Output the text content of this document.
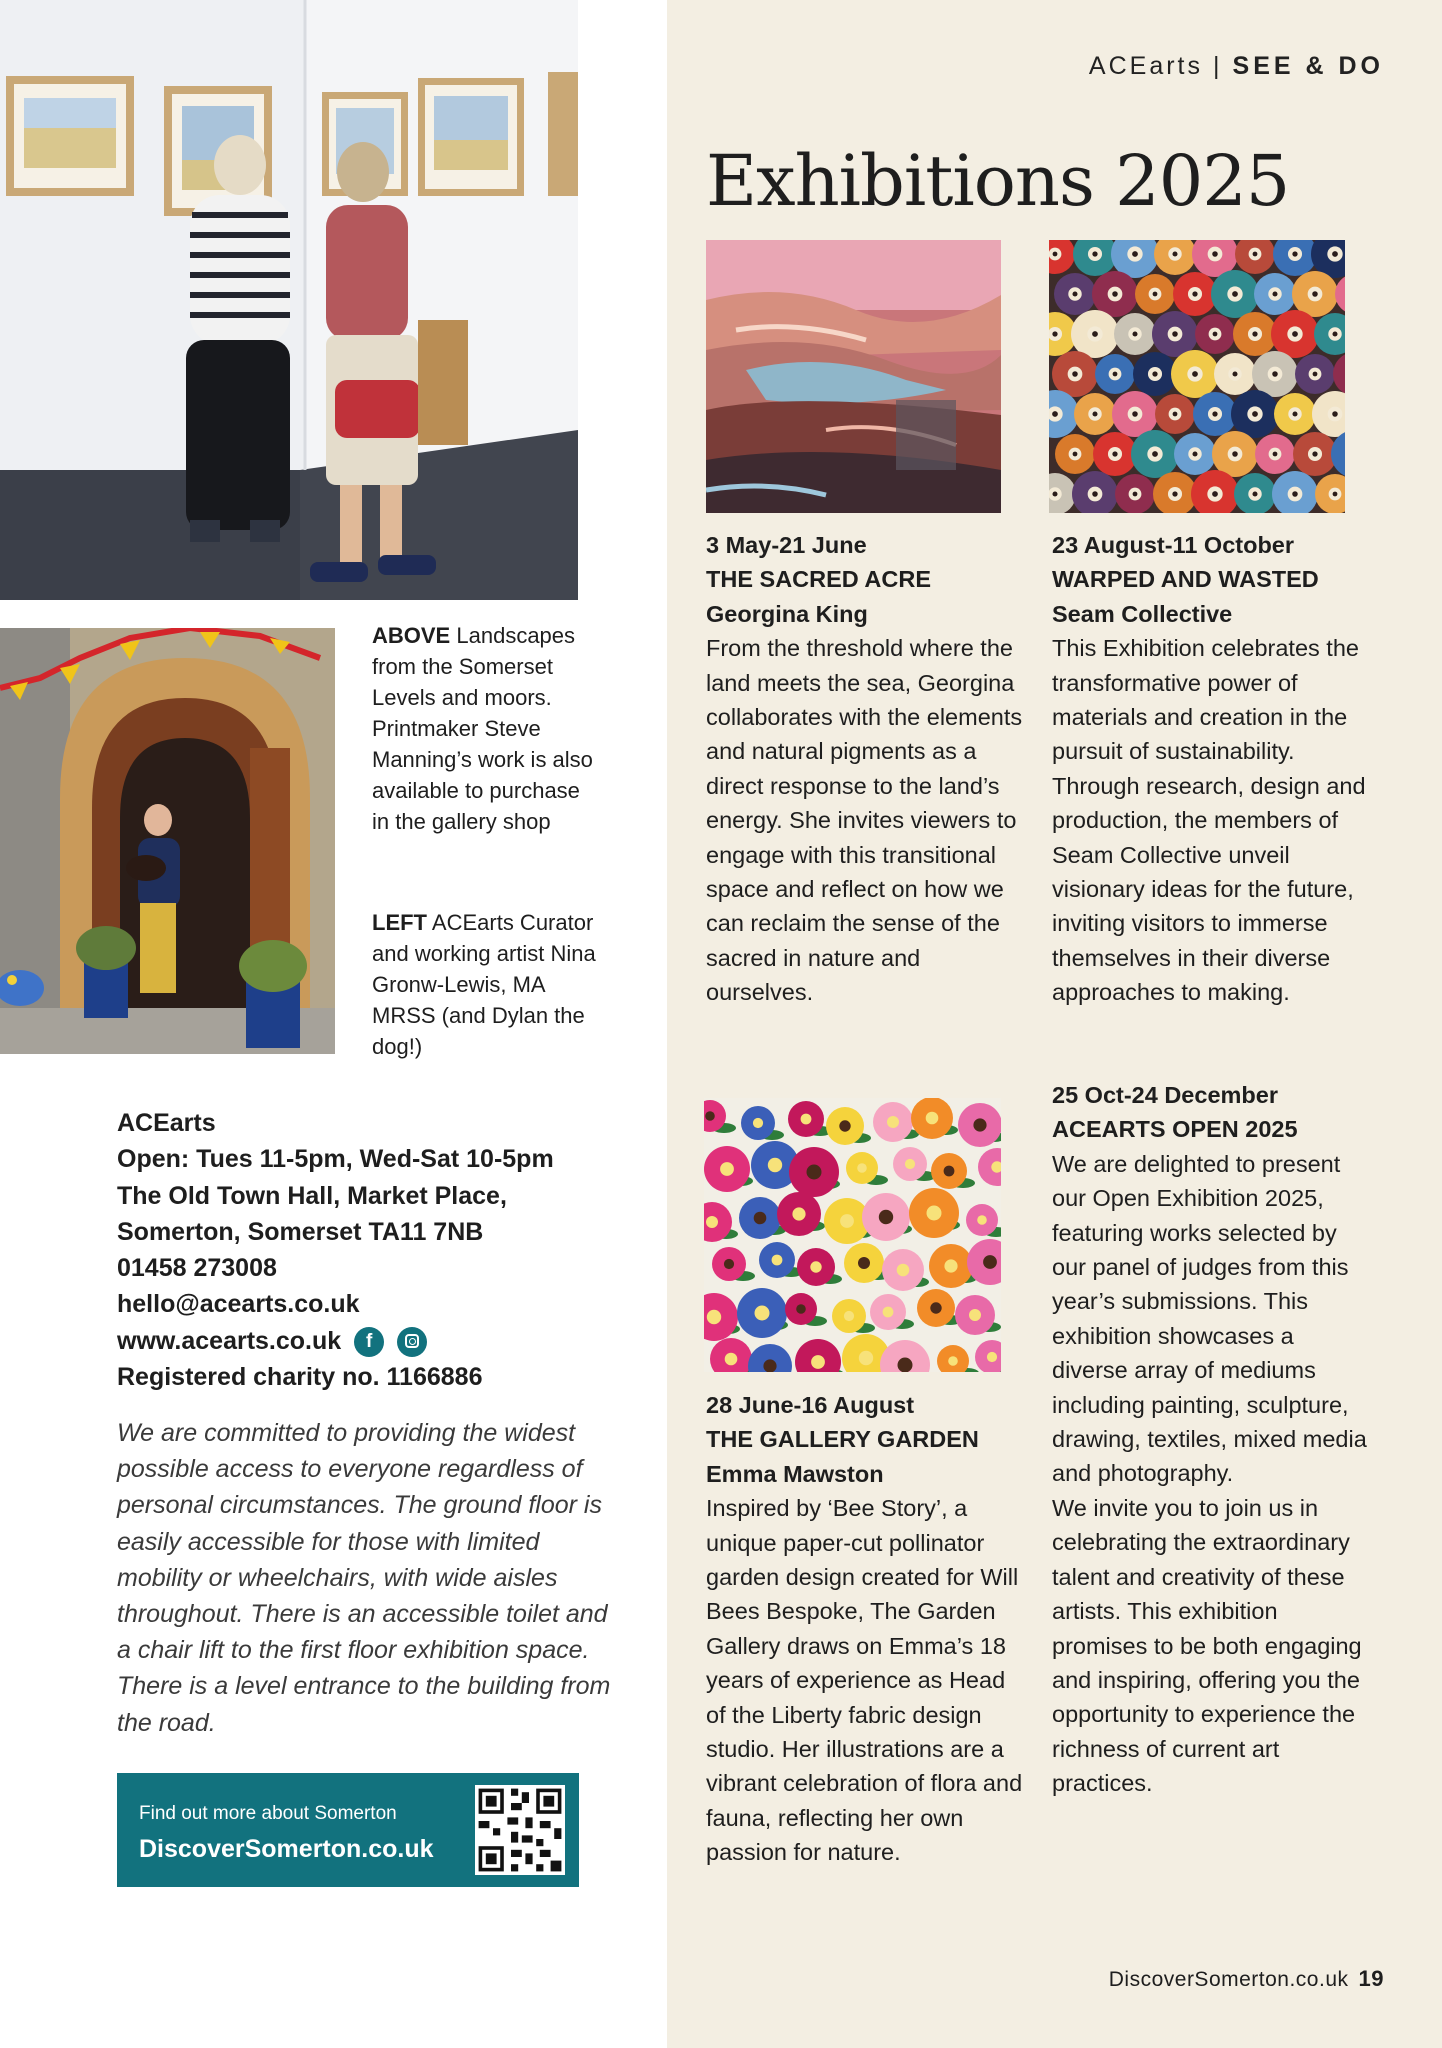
ACEarts | SEE & DO
Exhibitions 2025
ABOVE Landscapes from the Somerset Levels and moors. Printmaker Steve Manning’s work is also available to purchase in the gallery shop
LEFT ACEarts Curator and working artist Nina Gronw-Lewis, MA MRSS (and Dylan the dog!)
ACEarts
Open: Tues 11-5pm, Wed-Sat 10-5pm
The Old Town Hall, Market Place,
Somerton, Somerset TA11 7NB
01458 273008
hello@acearts.co.uk
www.acearts.co.uk f
Registered charity no. 1166886

We are committed to providing the widest possible access to everyone regardless of personal circumstances. The ground floor is easily accessible for those with limited mobility or wheelchairs, with wide aisles throughout. There is an accessible toilet and a chair lift to the first floor exhibition space. There is a level entrance to the building from the road.

Find out more about Somerton
DiscoverSomerton.co.uk
3 May-21 June
THE SACRED ACRE
Georgina King
From the threshold where the land meets the sea, Georgina collaborates with the elements and natural pigments as a direct response to the land’s energy. She invites viewers to engage with this transitional space and reflect on how we can reclaim the sense of the sacred in nature and ourselves.
23 August-11 October
WARPED AND WASTED
Seam Collective
This Exhibition celebrates the transformative power of materials and creation in the pursuit of sustainability. Through research, design and production, the members of Seam Collective unveil visionary ideas for the future, inviting visitors to immerse themselves in their diverse approaches to making.
28 June-16 August
THE GALLERY GARDEN
Emma Mawston
Inspired by ‘Bee Story’, a unique paper-cut pollinator garden design created for Will Bees Bespoke, The Garden Gallery draws on Emma’s 18 years of experience as Head of the Liberty fabric design studio. Her illustrations are a vibrant celebration of flora and fauna, reflecting her own passion for nature.
25 Oct-24 December
ACEARTS OPEN 2025
We are delighted to present our Open Exhibition 2025, featuring works selected by our panel of judges from this year’s submissions. This exhibition showcases a diverse array of mediums including painting, sculpture, drawing, textiles, mixed media and photography.
We invite you to join us in celebrating the extraordinary talent and creativity of these artists. This exhibition promises to be both engaging and inspiring, offering you the opportunity to experience the richness of current art practices.
DiscoverSomerton.co.uk 19
